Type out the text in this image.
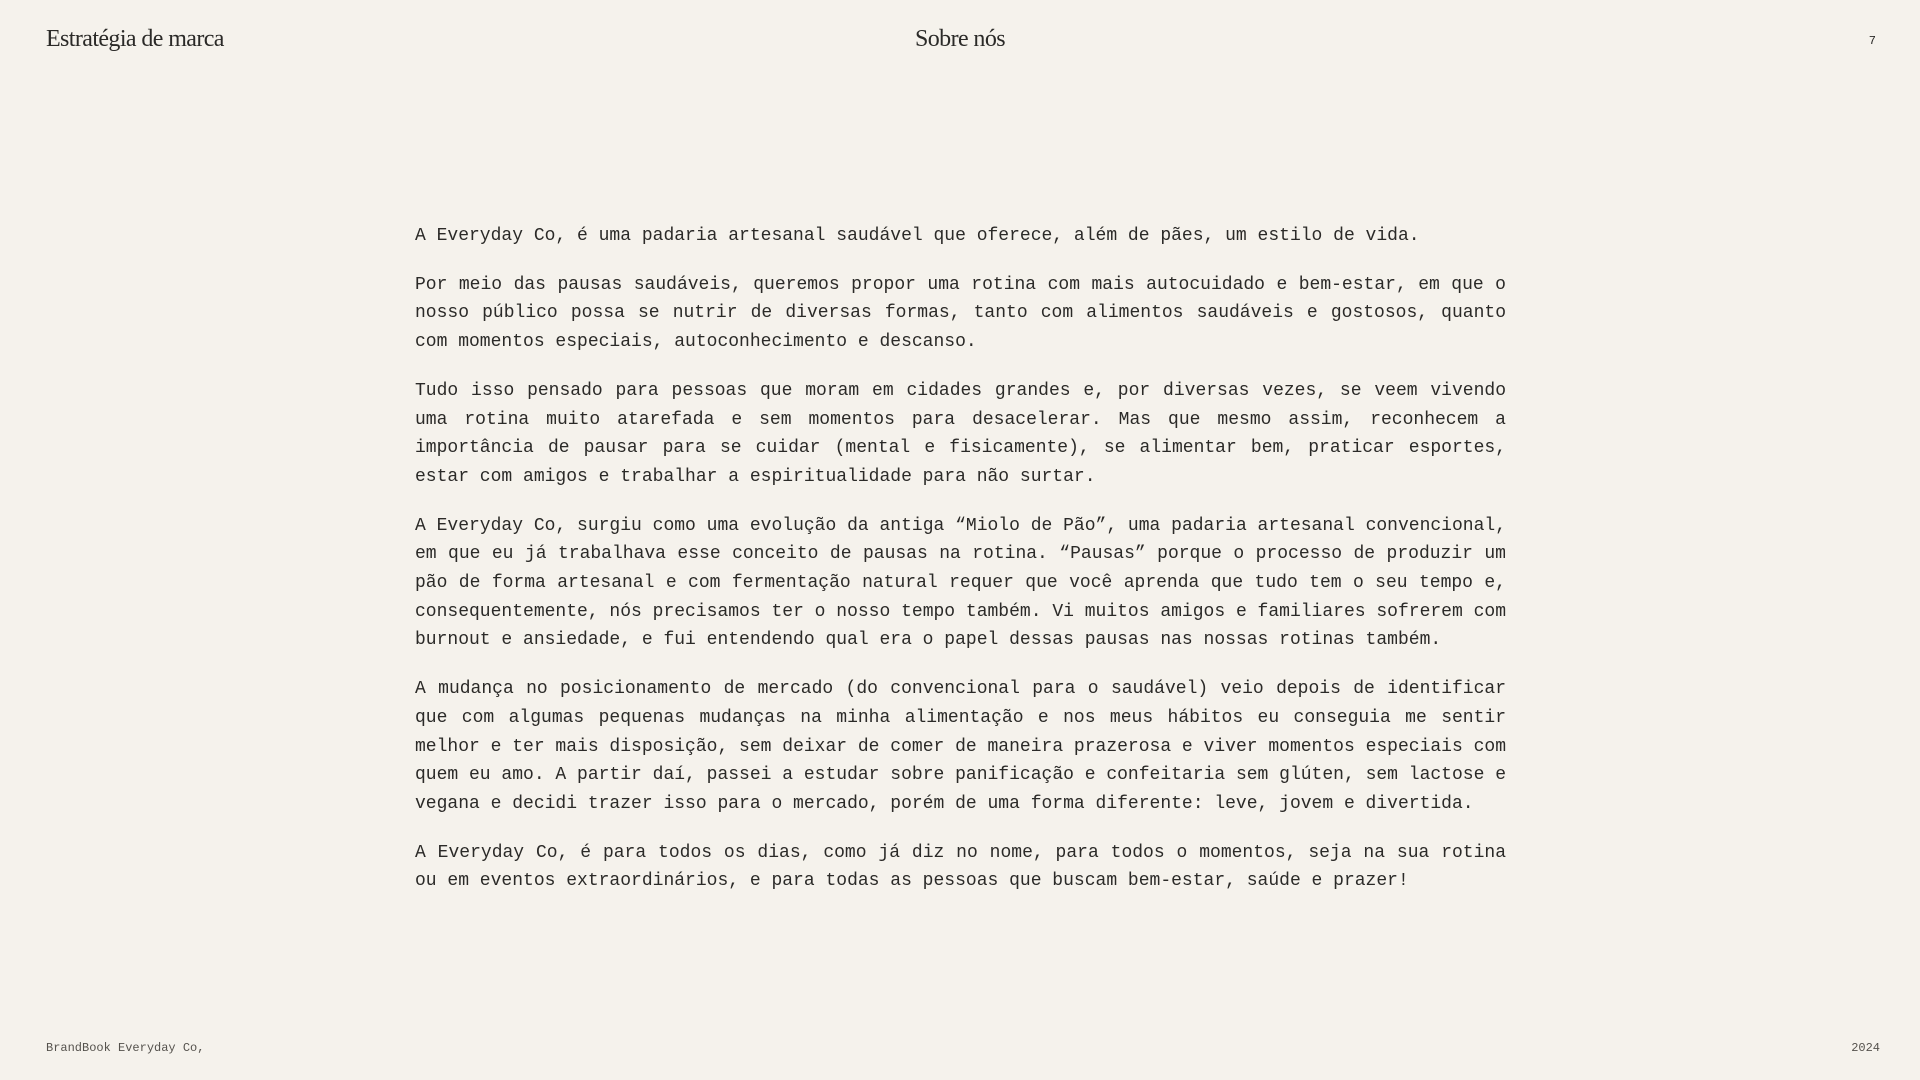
Estratégia de marca	Sobre nós	7

A Everyday Co, é uma padaria artesanal saudável que oferece, além de pães, um estilo de vida.

Por meio das pausas saudáveis, queremos propor uma rotina com mais autocuidado e bem-estar, em que o nosso público possa se nutrir de diversas formas, tanto com alimentos saudáveis e gostosos, quanto com momentos especiais, autoconhecimento e descanso.

Tudo isso pensado para pessoas que moram em cidades grandes e, por diversas vezes, se veem vivendo uma rotina muito atarefada e sem momentos para desacelerar. Mas que mesmo assim, reconhecem a importância de pausar para se cuidar (mental e fisicamente), se alimentar bem, praticar esportes, estar com amigos e trabalhar a espiritualidade para não surtar.

A Everyday Co, surgiu como uma evolução da antiga “Miolo de Pão”, uma padaria artesanal convencional, em que eu já trabalhava esse conceito de pausas na rotina. “Pausas” porque o processo de produzir um pão de forma artesanal e com fermentação natural requer que você aprenda que tudo tem o seu tempo e, consequentemente, nós precisamos ter o nosso tempo também. Vi muitos amigos e familiares sofrerem com burnout e ansiedade, e fui entendendo qual era o papel dessas pausas nas nossas rotinas também.

A mudança no posicionamento de mercado (do convencional para o saudável) veio depois de identificar que com algumas pequenas mudanças na minha alimentação e nos meus hábitos eu conseguia me sentir melhor e ter mais disposição, sem deixar de comer de maneira prazerosa e viver momentos especiais com quem eu amo. A partir daí, passei a estudar sobre panificação e confeitaria sem glúten, sem lactose e vegana e decidi trazer isso para o mercado, porém de uma forma diferente: leve, jovem e divertida.

A Everyday Co, é para todos os dias, como já diz no nome, para todos o momentos, seja na sua rotina ou em eventos extraordinários, e para todas as pessoas que buscam bem-estar, saúde e prazer!

BrandBook Everyday Co,	2024
